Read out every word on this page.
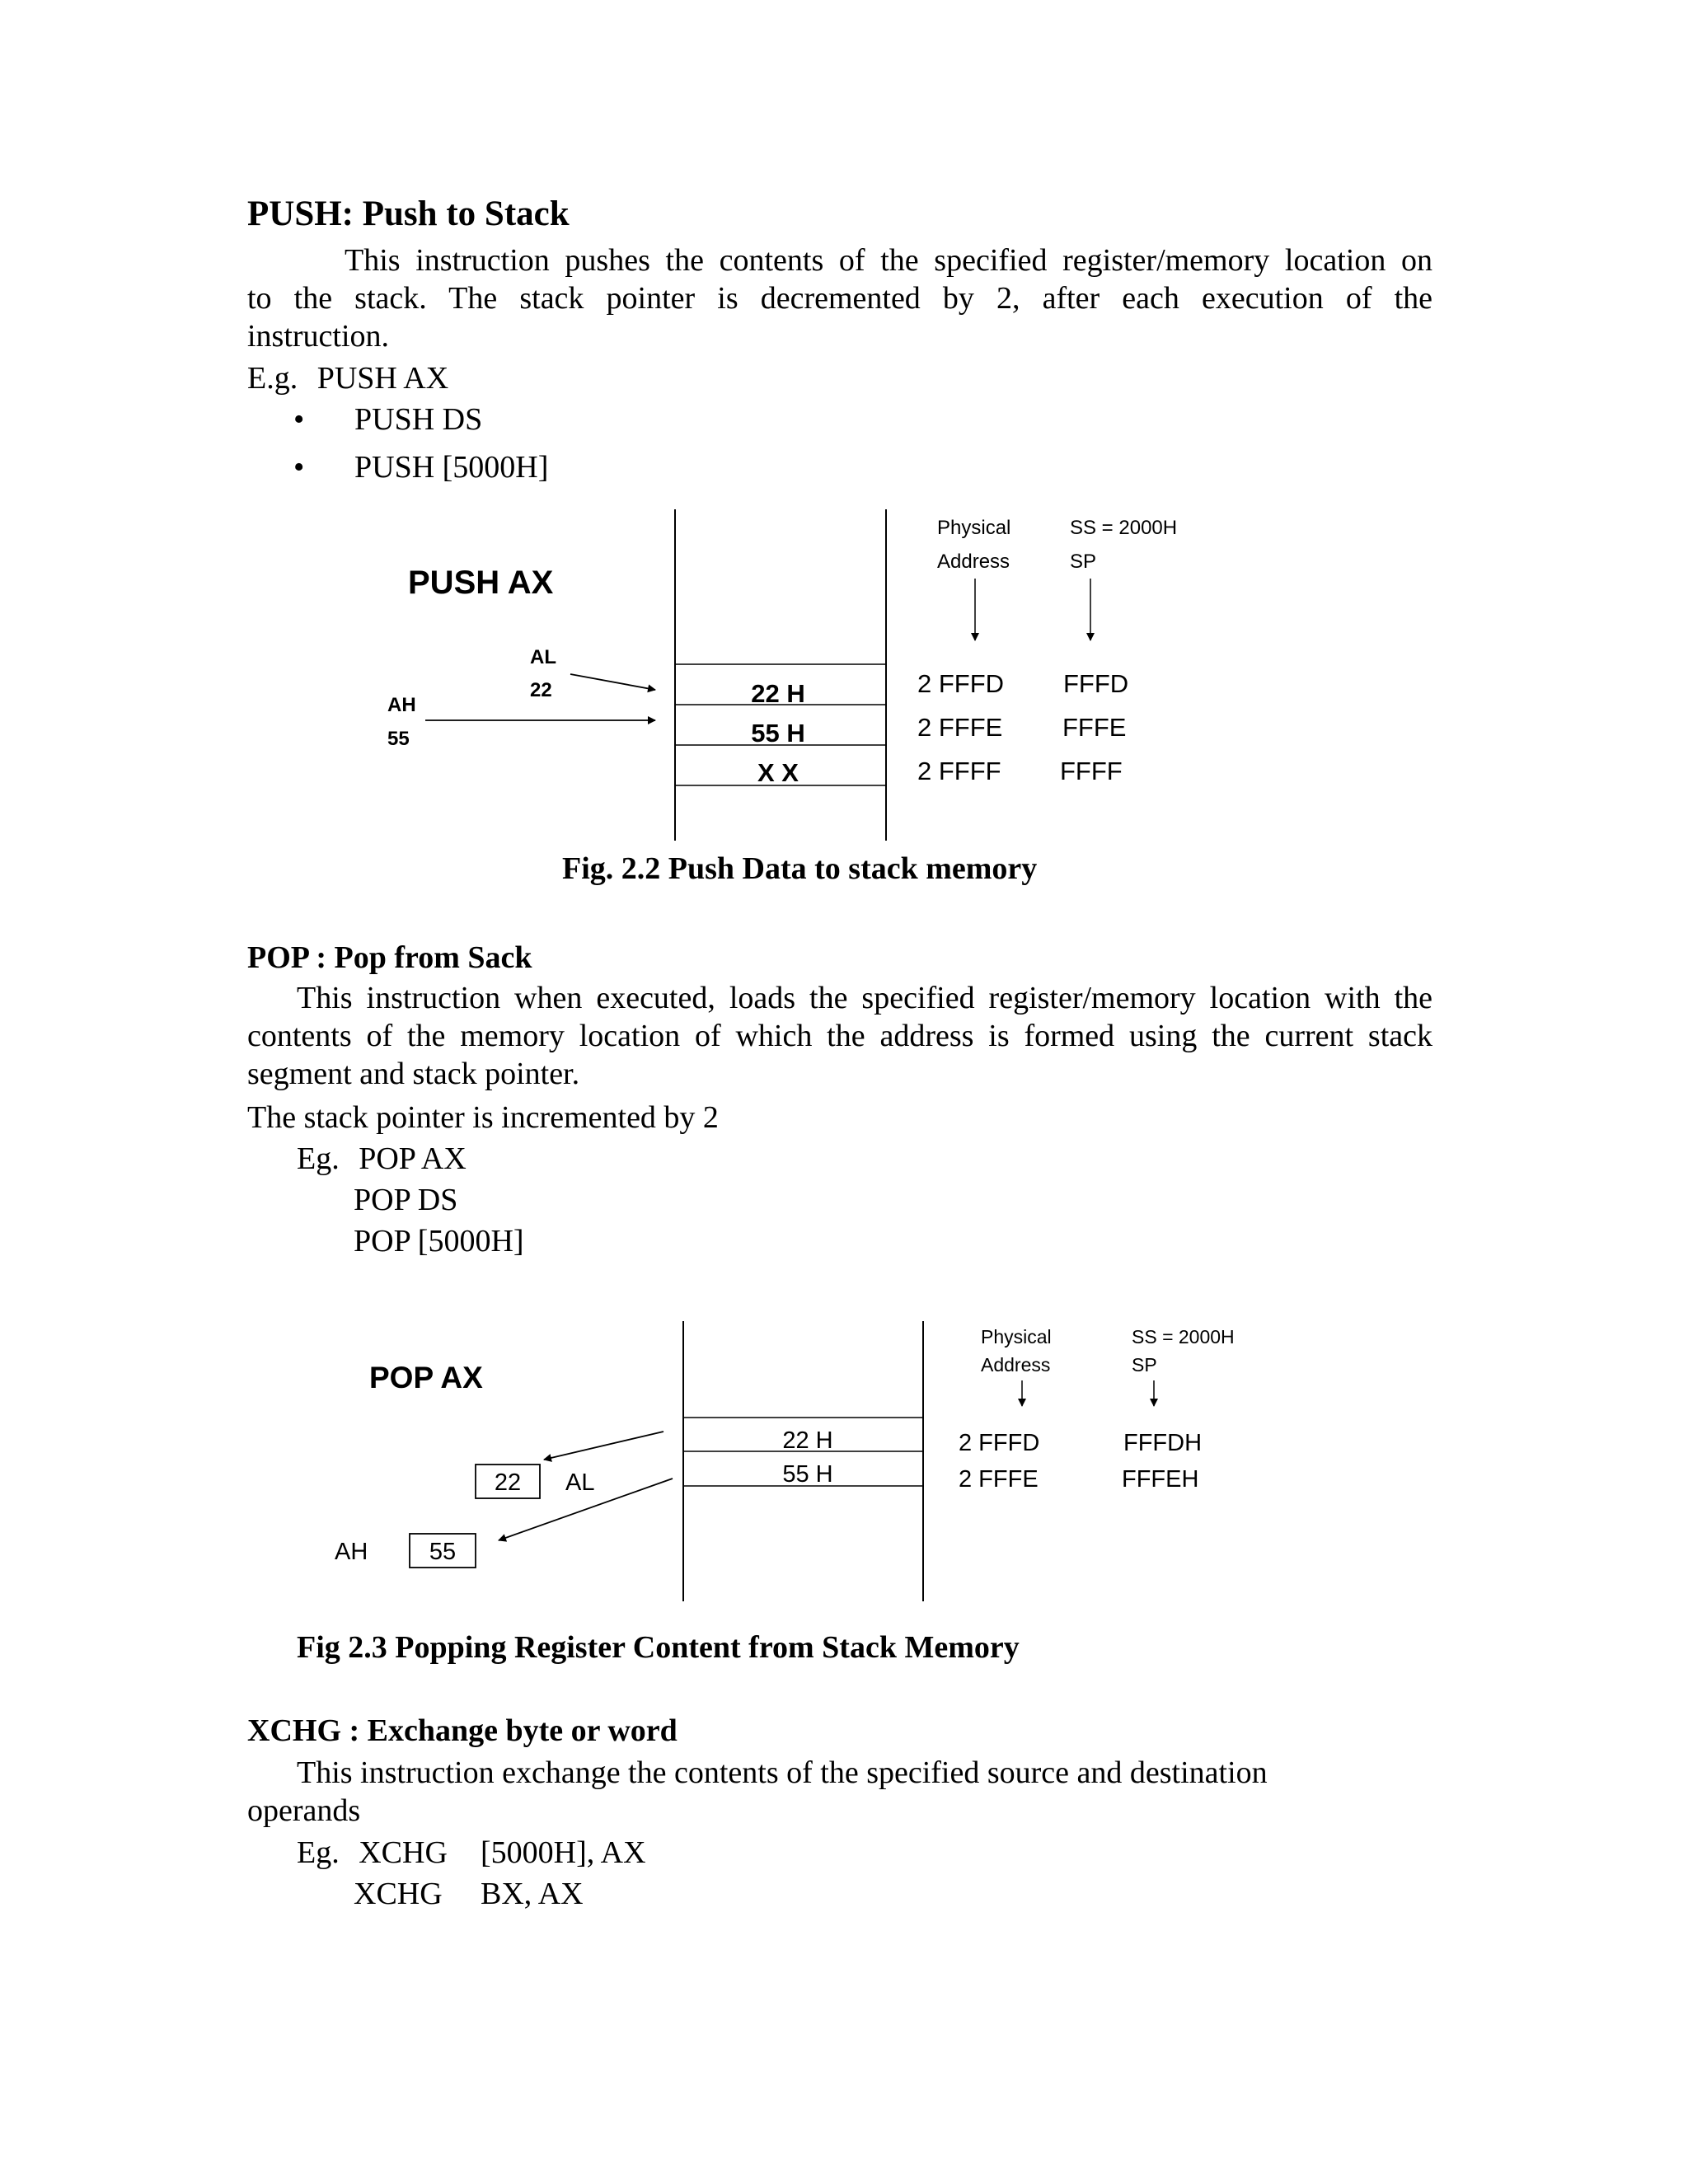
PUSH: Push to Stack
This instruction pushes the contents of the specified register/memory location on
to the stack. The stack pointer is decremented by 2, after each execution of the
instruction.
E.g. PUSH AX
• PUSH DS
• PUSH [5000H]
22 H
55 H
X X
PUSH AX
AL
22
AH
55
Physical
Address
SS = 2000H
SP
2 FFFD
2 FFFE
2 FFFF
FFFD
FFFE
FFFF
Fig. 2.2 Push Data to stack memory
POP : Pop from Sack
This instruction when executed, loads the specified register/memory location with the
contents of the memory location of which the address is formed using the current stack
segment and stack pointer.
The stack pointer is incremented by 2
Eg. POP AX
POP DS
POP [5000H]
22 H
55 H
POP AX
22 AL
AH	55
Physical
Address
SS = 2000H
SP
2 FFFD
2 FFFE
FFFDH
FFFEH
Fig 2.3 Popping Register Content from Stack Memory
XCHG : Exchange byte or word
This instruction exchange the contents of the specified source and destination
operands
Eg. XCHG [5000H], AX
XCHG BX, AX
